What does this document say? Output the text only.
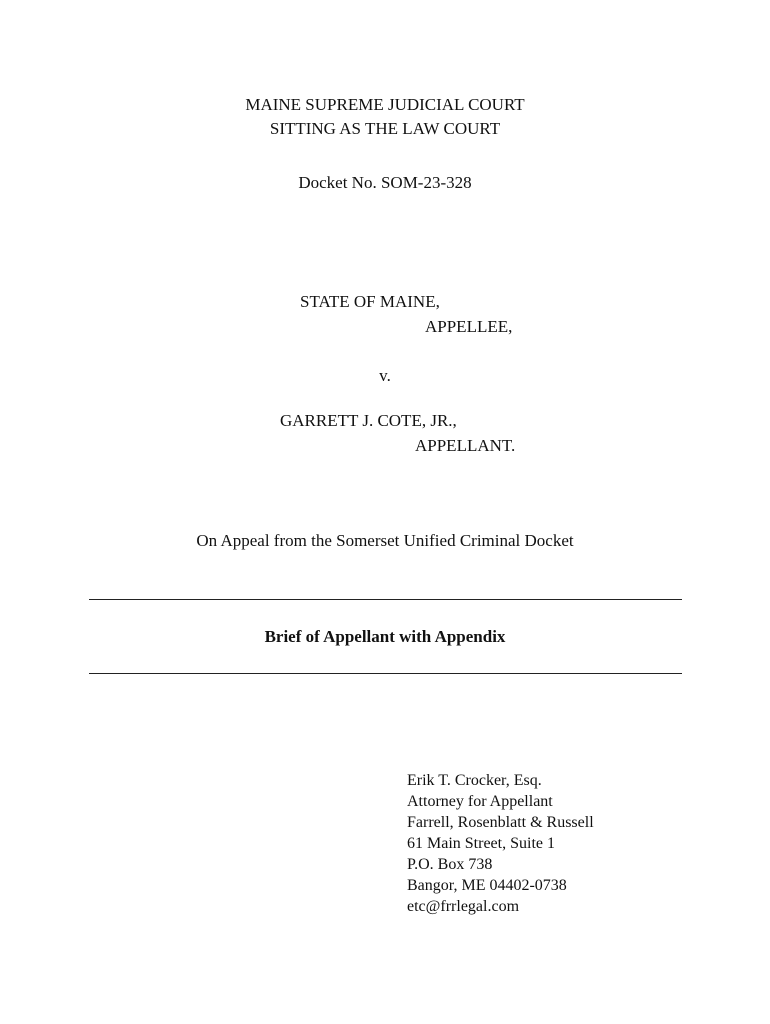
MAINE SUPREME JUDICIAL COURT

SITTING AS THE LAW COURT

Docket No. SOM-23-328

STATE OF MAINE,

APPELLEE,

v.

GARRETT J. COTE, JR.,

APPELLANT.

On Appeal from the Somerset Unified Criminal Docket

Brief of Appellant with Appendix

Erik T. Crocker, Esq.
Attorney for Appellant
Farrell, Rosenblatt & Russell
61 Main Street, Suite 1
P.O. Box 738
Bangor, ME 04402-0738
etc@frrlegal.com
